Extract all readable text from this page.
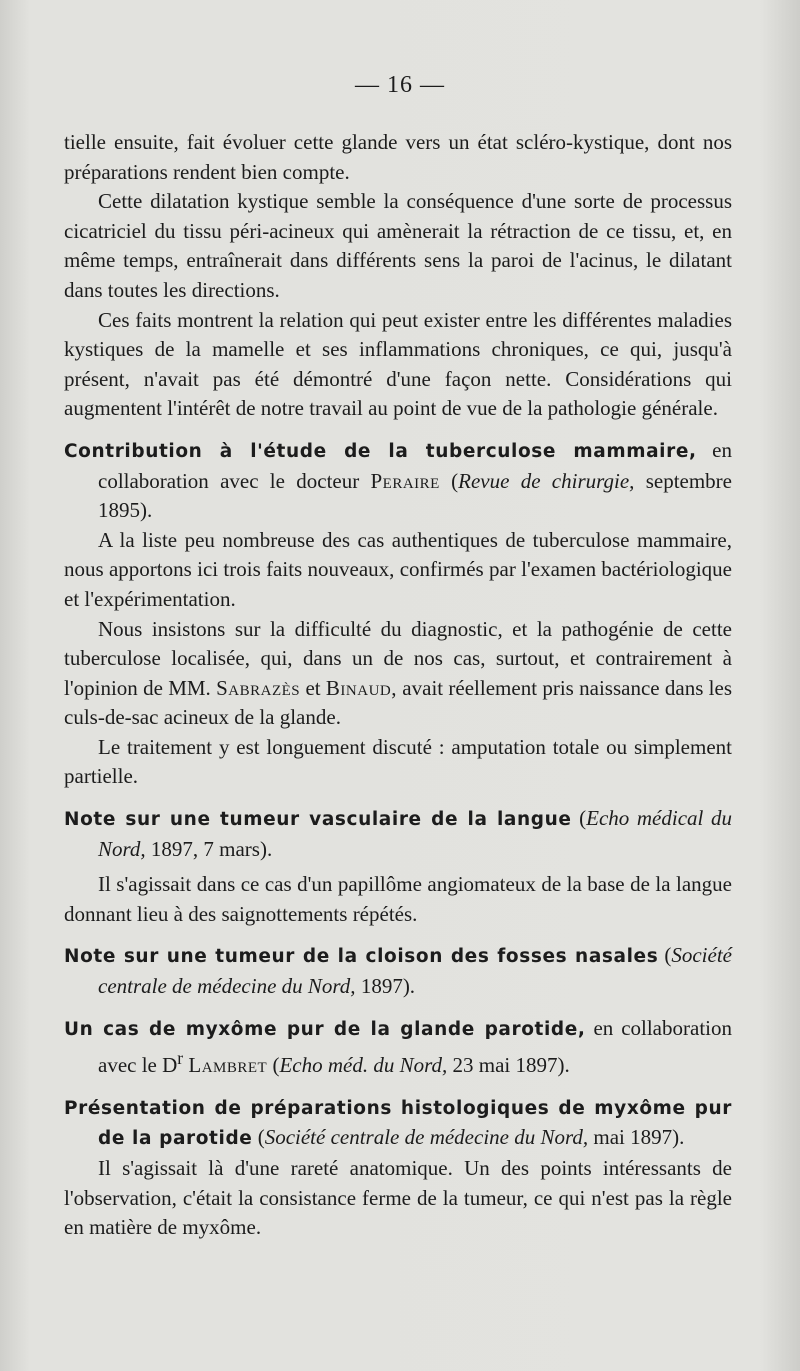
— 16 —

tielle ensuite, fait évoluer cette glande vers un état scléro-kystique, dont nos préparations rendent bien compte.

Cette dilatation kystique semble la conséquence d'une sorte de processus cicatriciel du tissu péri-acineux qui amènerait la rétraction de ce tissu, et, en même temps, entraînerait dans différents sens la paroi de l'acinus, le dilatant dans toutes les directions.

Ces faits montrent la relation qui peut exister entre les différentes maladies kystiques de la mamelle et ses inflammations chroniques, ce qui, jusqu'à présent, n'avait pas été démontré d'une façon nette. Considérations qui augmentent l'intérêt de notre travail au point de vue de la pathologie générale.

Contribution à l'étude de la tuberculose mammaire, en collaboration avec le docteur Peraire (Revue de chirurgie, septembre 1895).

A la liste peu nombreuse des cas authentiques de tuberculose mammaire, nous apportons ici trois faits nouveaux, confirmés par l'examen bactériologique et l'expérimentation.

Nous insistons sur la difficulté du diagnostic, et la pathogénie de cette tuberculose localisée, qui, dans un de nos cas, surtout, et contrairement à l'opinion de MM. Sabrazès et Binaud, avait réellement pris naissance dans les culs-de-sac acineux de la glande.

Le traitement y est longuement discuté : amputation totale ou simplement partielle.

Note sur une tumeur vasculaire de la langue (Echo médical du Nord, 1897, 7 mars).

Il s'agissait dans ce cas d'un papillôme angiomateux de la base de la langue donnant lieu à des saignottements répétés.

Note sur une tumeur de la cloison des fosses nasales (Société centrale de médecine du Nord, 1897).

Un cas de myxôme pur de la glande parotide, en collaboration avec le $D^r$ Lambret (Echo méd. du Nord, 23 mai 1897).

Présentation de préparations histologiques de myxôme pur de la parotide (Société centrale de médecine du Nord, mai 1897).

Il s'agissait là d'une rareté anatomique. Un des points intéressants de l'observation, c'était la consistance ferme de la tumeur, ce qui n'est pas la règle en matière de myxôme.
